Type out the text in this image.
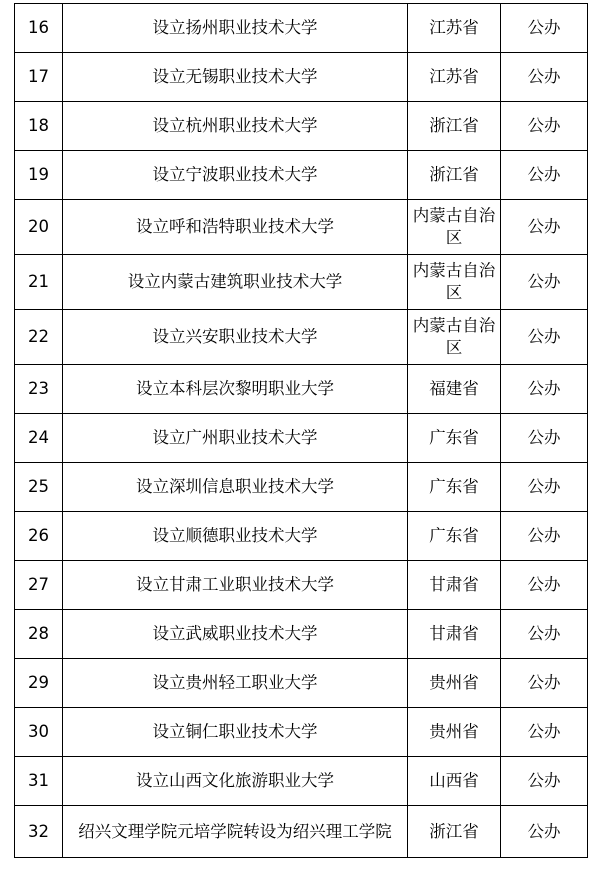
16	设立扬州职业技术大学	江苏省	公办
17	设立无锡职业技术大学	江苏省	公办
18	设立杭州职业技术大学	浙江省	公办
19	设立宁波职业技术大学	浙江省	公办
20	设立呼和浩特职业技术大学	内蒙古自治区	公办
21	设立内蒙古建筑职业技术大学	内蒙古自治区	公办
22	设立兴安职业技术大学	内蒙古自治区	公办
23	设立本科层次黎明职业大学	福建省	公办
24	设立广州职业技术大学	广东省	公办
25	设立深圳信息职业技术大学	广东省	公办
26	设立顺德职业技术大学	广东省	公办
27	设立甘肃工业职业技术大学	甘肃省	公办
28	设立武威职业技术大学	甘肃省	公办
29	设立贵州轻工职业大学	贵州省	公办
30	设立铜仁职业技术大学	贵州省	公办
31	设立山西文化旅游职业大学	山西省	公办
32	绍兴文理学院元培学院转设为绍兴理工学院	浙江省	公办
